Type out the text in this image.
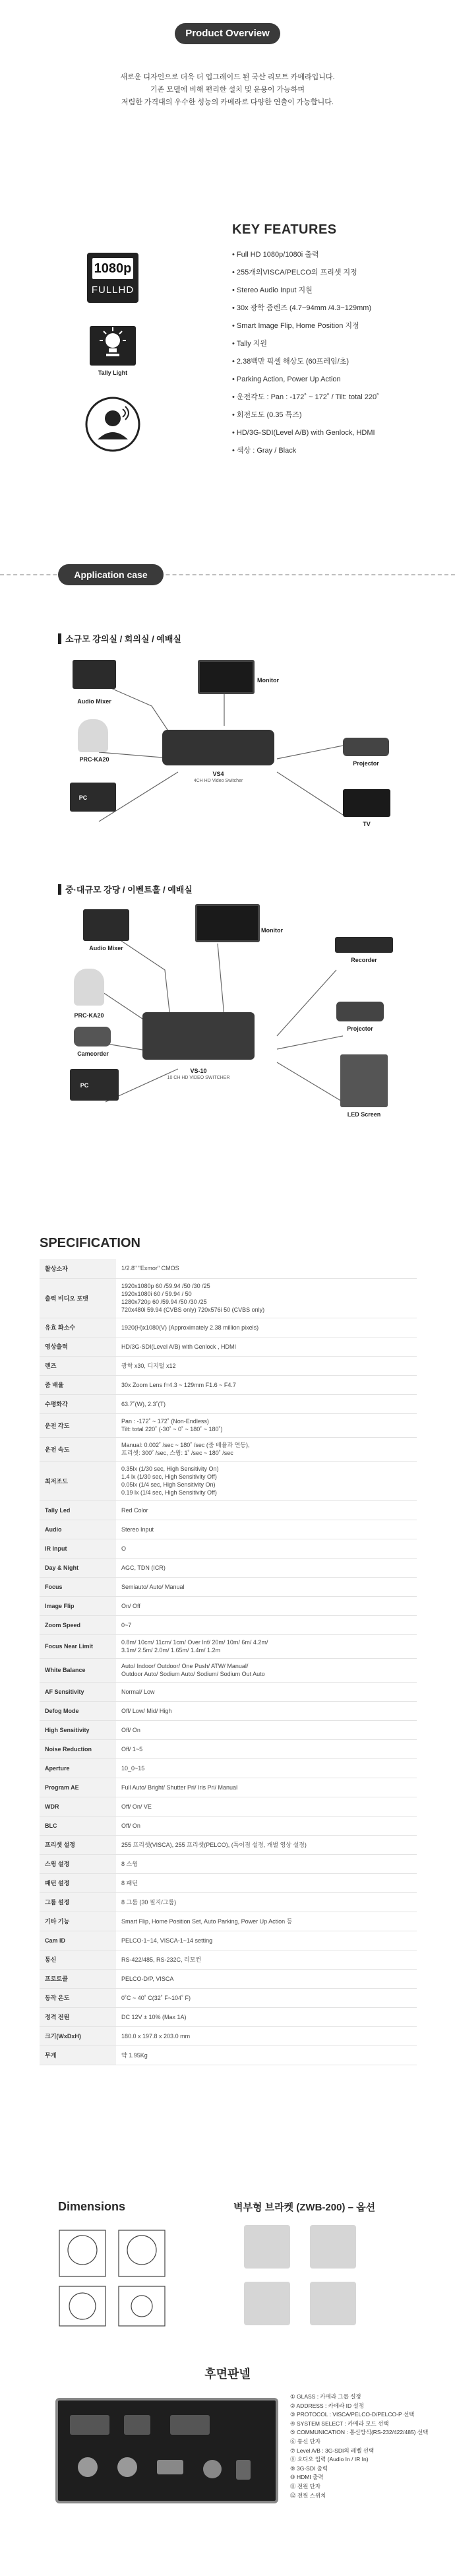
Product Overview
새로운 디자인으로 더욱 더 업그레이드 된 국산 리모트 카메라입니다.
기존 모델에 비해 편리한 설치 및 운용이 가능하며
저렴한 가격대의 우수한 성능의 카메라로 다양한 연출이 가능합니다.
1080p
FULLHD
Tally Light
KEY FEATURES
• Full HD 1080p/1080i 출력
• 255개의VISCA/PELCO의 프리셋 지정
• Stereo Audio Input 지원
• 30x 광학 줌렌즈 (4.7~94mm /4.3~129mm)
• Smart Image Flip, Home Position 지정
• Tally 지원
• 2.38백만 픽셀 해상도 (60프레임/초)
• Parking Action, Power Up Action
• 운전각도 : Pan : -172˚ ~ 172˚ / Tilt: total 220˚
• 회전도도 (0.35 특즈)
• HD/3G-SDI(Level A/B) with Genlock, HDMI
• 색상 : Gray / Black
Application case
소규모 강의실 / 회의실 / 예배실
Audio Mixer
PRC-KA20
PC
Monitor
VS4
4CH HD Video Switcher
Projector
TV
중·대규모 강당 / 이벤트홀 / 예배실
Audio Mixer
Monitor
Recorder
PRC-KA20
Camcorder
VS-10
10 CH HD VIDEO SWITCHER
Projector
PC
LED Screen
SPECIFICATION
촬상소자	1/2.8" "Exmor" CMOS

출력 비디오 포맷	1920x1080p 60 /59.94 /50 /30 /25
1920x1080i 60 / 59.94 / 50
1280x720p 60 /59.94 /50 /30 /25
720x480i 59.94 (CVBS only) 720x576i 50 (CVBS only)

유효 화소수	1920(H)x1080(V) (Approximately 2.38 million pixels)

영상출력	HD/3G-SDI(Level A/B) with Genlock , HDMI

렌즈	광학 x30, 디지털 x12

줌 배율	30x Zoom Lens f=4.3 ~ 129mm F1.6 ~ F4.7

수평화각	63.7˚(W), 2.3˚(T)

운전 각도	Pan : -172˚ ~ 172˚ (Non-Endless)
Tilt: total 220˚ (-30˚ ~ 0˚ ~ 180˚ ~ 180˚)

운전 속도	Manual: 0.002˚ /sec ~ 180˚ /sec (줌 배율과 연동),
프리셋: 300˚ /sec, 스윙: 1˚ /sec ~ 180˚ /sec

최저조도	0.35lx (1/30 sec, High Sensitivity On)
1.4 lx (1/30 sec, High Sensitivity Off)
0.05lx (1/4 sec, High Sensitivity On)
0.19 lx (1/4 sec, High Sensitivity Off)

Tally Led	Red Color

Audio	Stereo Input

IR Input	O

Day & Night	AGC, TDN (ICR)

Focus	Semiauto/ Auto/ Manual

Image Flip	On/ Off

Zoom Speed	0~7

Focus Near Limit	0.8m/ 10cm/ 11cm/ 1cm/ Over Inf/ 20m/ 10m/ 6m/ 4.2m/
3.1m/ 2.5m/ 2.0m/ 1.65m/ 1.4m/ 1.2m

White Balance	Auto/ Indoor/ Outdoor/ One Push/ ATW/ Manual/
Outdoor Auto/ Sodium Auto/ Sodium/ Sodium Out Auto

AF Sensitivity	Normal/ Low

Defog Mode	Off/ Low/ Mid/ High

High Sensitivity	Off/ On

Noise Reduction	Off/ 1~5

Aperture	10_0~15

Program AE	Full Auto/ Bright/ Shutter Pri/ Iris Pri/ Manual

WDR	Off/ On/ VE

BLC	Off/ On

프리셋 설정	255 프리셋(VISCA), 255 프리셋(PELCO), (특이점 설정, 개별 영상 설정)

스윙 설정	8 스윙

패턴 설정	8 패턴

그룹 설정	8 그룹 (30 필지/그룹)

기타 기능	Smart Flip, Home Position Set, Auto Parking, Power Up Action 등

Cam ID	PELCO-1~14, VISCA-1~14 setting

통신	RS-422/485, RS-232C, 리모컨

프로토콜	PELCO-D/P, VISCA

동작 온도	0˚C ~ 40˚ C(32˚ F~104˚ F)

정격 전원	DC 12V ± 10% (Max 1A)

크기(WxDxH)	180.0 x 197.8 x 203.0 mm

무게	약 1.95Kg
Dimensions	벽부형 브라켓 (ZWB-200) – 옵션
후면판넬
① GLASS : 카메라 그룹 설정
② ADDRESS : 카메라 ID 설정
③ PROTOCOL : VISCA/PELCO-D/PELCO-P 선택
④ SYSTEM SELECT : 카메라 모드 선택
⑤ COMMUNICATION : 통신방식(RS-232/422/485) 선택
⑥ 통신 단자
⑦ Level A/B : 3G-SDI의 레벨 선택
⑧ 오디오 입력 (Audio In / IR In)
⑨ 3G-SDI 출력
⑩ HDMI 출력
⑪ 전원 단자
⑫ 전원 스위치
